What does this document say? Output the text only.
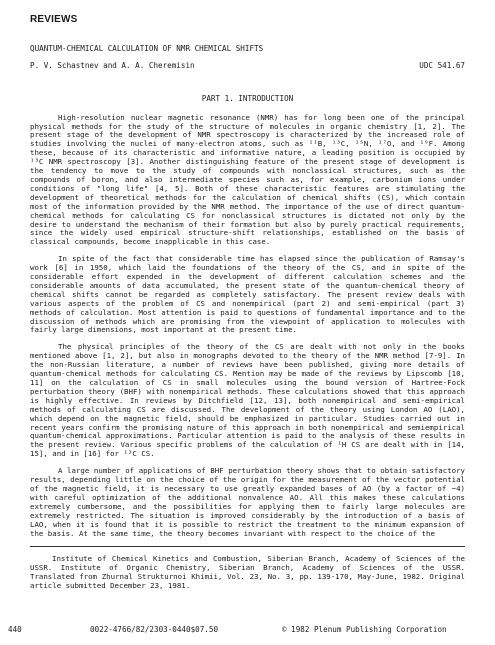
REVIEWS
QUANTUM-CHEMICAL CALCULATION OF NMR CHEMICAL SHIFTS
P. V. Schastnev and A. A. Cheremisin	UDC 541.67
PART 1. INTRODUCTION

High-resolution nuclear magnetic resonance (NMR) has for long been one of the principal physical methods for the study of the structure of molecules in organic chemistry [1, 2]. The present stage of the development of NMR spectroscopy is characterized by the increased role of studies involving the nuclei of many-electron atoms, such as ¹¹B, ¹³C, ¹⁵N, ¹⁷O, and ¹⁹F. Among these, because of its characteristic and informative nature, a leading position is occupied by ¹³C NMR spectroscopy [3]. Another distinguishing feature of the present stage of development is the tendency to move to the study of compounds with nonclassical structures, such as the compounds of boron, and also intermediate species such as, for example, carbonium ions under conditions of "long life" [4, 5]. Both of these characteristic features are stimulating the development of theoretical methods for the calculation of chemical shifts (CS), which contain most of the information provided by the NMR method. The importance of the use of direct quantum-chemical methods for calculating CS for nonclassical structures is dictated not only by the desire to understand the mechanism of their formation but also by purely practical requirements, since the widely used empirical structure-shift relationships, established on the basis of classical compounds, become inapplicable in this case.

In spite of the fact that considerable time has elapsed since the publication of Ramsay's work [6] in 1950, which laid the foundations of the theory of the CS, and in spite of the considerable effort expended in the development of different calculation schemes and the considerable amounts of data accumulated, the present state of the quantum-chemical theory of chemical shifts cannot be regarded as completely satisfactory. The present review deals with various aspects of the problem of CS and nonempirical (part 2) and semi-empirical (part 3) methods of calculation. Most attention is paid to questions of fundamental importance and to the discussion of methods which are promising from the viewpoint of application to molecules with fairly large dimensions, most important at the present time.

The physical principles of the theory of the CS are dealt with not only in the books mentioned above [1, 2], but also in monographs devoted to the theory of the NMR method [7-9]. In the non-Russian literature, a number of reviews have been published, giving more details of quantum-chemical methods for calculating CS. Mention may be made of the reviews by Lipscomb [10, 11] on the calculation of CS in small molecules using the bound version of Hartree-Fock perturbation theory (BHF) with nonempirical methods. These calculations showed that this approach is highly effective. In reviews by Ditchfield [12, 13], both nonempirical and semi-empirical methods of calculating CS are discussed. The development of the theory using London AO (LAO), which depend on the magnetic field, should be emphasized in particular. Studies carried out in recent years confirm the promising nature of this approach in both nonempirical and semiempirical quantum-chemical approximations. Particular attention is paid to the analysis of these results in the present review. Various specific problems of the calculation of ¹H CS are dealt with in [14, 15], and in [16] for ¹³C CS.

A large number of applications of BHF perturbation theory shows that to obtain satisfactory results, depending little on the choice of the origin for the measurement of the vector potential of the magnetic field, it is necessary to use greatly expanded bases of AO (by a factor of ~4) with careful optimization of the additional nonvalence AO. All this makes these calculations extremely cumbersome, and the possibilities for applying them to fairly large molecules are extremely restricted. The situation is improved considerably by the introduction of a basis of LAO, when it is found that it is possible to restrict the treatment to the minimum expansion of the basis. At the same time, the theory becomes invariant with respect to the choice of the

Institute of Chemical Kinetics and Combustion, Siberian Branch, Academy of Sciences of the USSR. Institute of Organic Chemistry, Siberian Branch, Academy of Sciences of the USSR. Translated from Zhurnal Strukturnoi Khimii, Vol. 23, No. 3, pp. 139-170, May-June, 1982. Original article submitted December 23, 1981.

440	0022-4766/82/2303-0440$07.50	© 1982 Plenum Publishing Corporation
